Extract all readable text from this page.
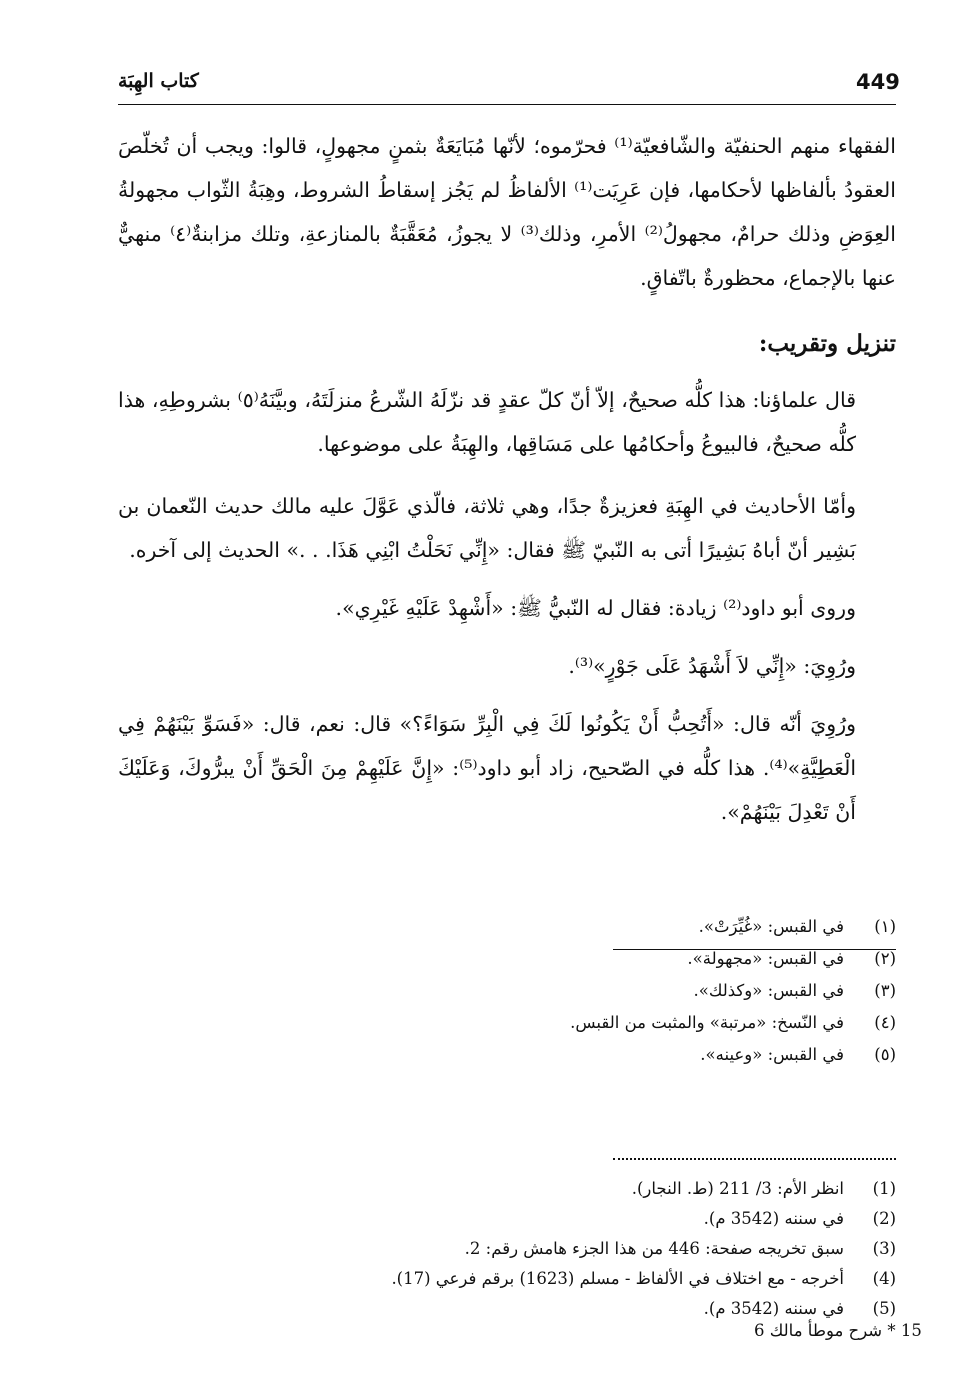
449
كتاب الهِبَة

الفقهاء منهم الحنفيّة والشّافعيّة⁽¹⁾ فحرّموه؛ لأنّها مُبَايَعَةٌ بثمنٍ مجهولٍ، قالوا: ويجب أن تُخلّصَ العقودُ بألفاظها لأحكامها، فإن عَرِيَت⁽¹⁾ الألفاظُ لم يَجُز إسقاطُ الشروط، وهِبَةُ الثّواب مجهولةُ العِوَضِ وذلك حرامٌ، مجهولُ⁽²⁾ الأمرِ، وذلك⁽³⁾ لا يجوزُ، مُعَقَّبَةٌ بالمنازعةِ، وتلك مزابنةٌ⁽٤⁾ منهيٌّ عنها بالإجماع، محظورةٌ باتّفاقٍ.

تنزيل وتقريب:

قال علماؤنا: هذا كلُّه صحيحٌ، إلاّ أنّ كلّ عقدٍ قد نزّلَهُ الشّرعُ منزلَتَهُ، وبيَّنَهُ⁽٥⁾ بشروطِهِ، هذا كلُّه صحيحٌ، فالبيوعُ وأحكامُها على مَسَاقِها، والهِبَةُ على موضوعها.

وأمّا الأحاديث في الهِبَةِ فعزيزةٌ جدًا، وهي ثلاثة، فالّذي عَوَّلَ عليه مالك حديث النّعمان بن بَشِير أنّ أباهُ بَشِيرًا أتى به النّبيّ ﷺ فقال: «إِنِّي نَحَلْتُ ابْنِي هَذَا. . .» الحديث إلى آخره.

وروى أبو داود⁽²⁾ زيادة: فقال له النّبيُّ ﷺ: «أَشْهِدْ عَلَيْهِ غَيْرِي».

ورُوِيَ: «إِنِّي لاَ أَشْهَدُ عَلَى جَوْرٍ»⁽³⁾.

ورُوِيَ أنّه قال: «أَتُحِبُّ أَنْ يَكُونُوا لَكَ فِي الْبِرِّ سَوَاءً؟» قال: نعم، قال: «فَسَوِّ بَيْنَهُمْ فِي الْعَطِيَّةِ»⁽⁴⁾. هذا كلُّه في الصّحيح، زاد أبو داود⁽⁵⁾: «إِنَّ عَلَيْهِمْ مِنَ الْحَقِّ أَنْ يبرُّوكَ، وَعَلَيْكَ أَنْ تَعْدِلَ بَيْنَهُمْ».

(١)في القبس: «غُيِّرَتْ».
(٢)في القبس: «مجهولة».
(٣)في القبس: «وكذلك».
(٤)في النّسخ: «مرتبة» والمثبت من القبس.
(٥)في القبس: «وعينه».
(1)انظر الأم: 3/ 211 (ط. النجار).
(2)في سننه (3542 م).
(3)سبق تخريجه صفحة: 446 من هذا الجزء هامش رقم: 2.
(4)أخرجه - مع اختلاف في الألفاظ - مسلم (1623) برقم فرعي (17).
(5)في سننه (3542 م).
15 * شرح موطأ مالك 6
